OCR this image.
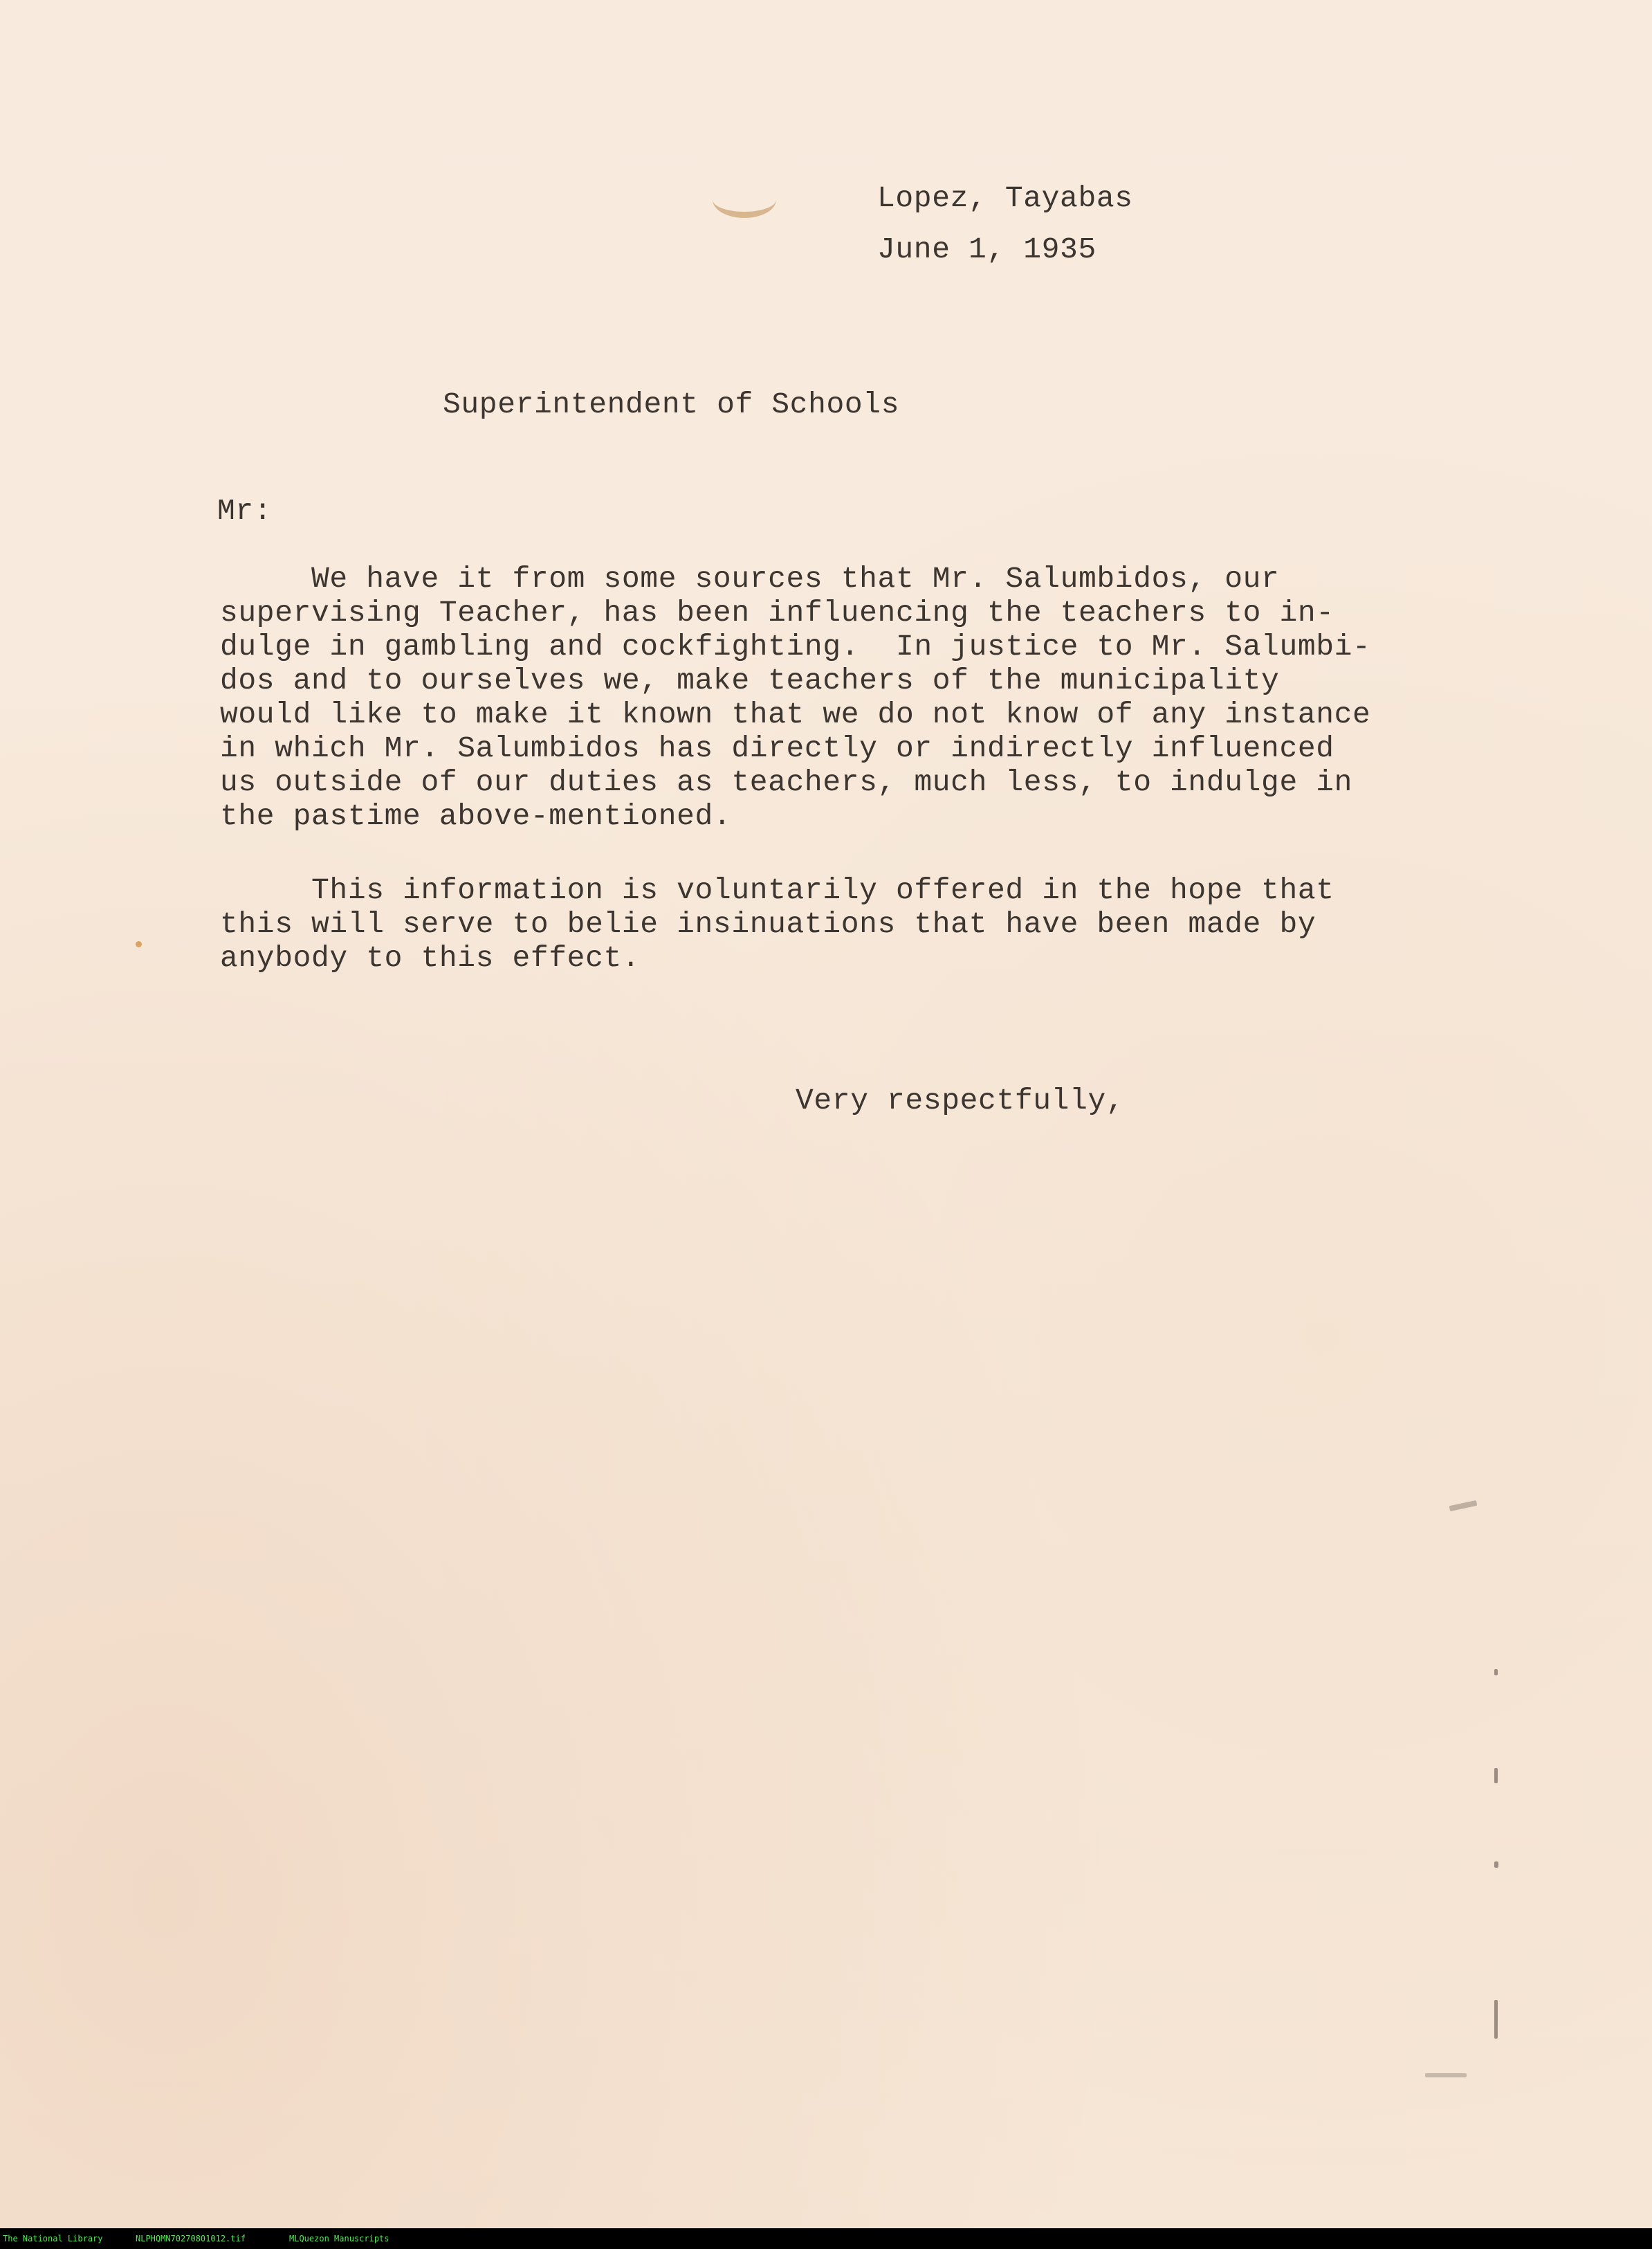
Lopez, Tayabas

June 1, 1935

Superintendent of Schools

Mr:

We have it from some sources that Mr. Salumbidos, our
supervising Teacher, has been influencing the teachers to in-
dulge in gambling and cockfighting.  In justice to Mr. Salumbi-
dos and to ourselves we, make teachers of the municipality
would like to make it known that we do not know of any instance
in which Mr. Salumbidos has directly or indirectly influenced
us outside of our duties as teachers, much less, to indulge in
the pastime above-mentioned.

This information is voluntarily offered in the hope that
this will serve to belie insinuations that have been made by
anybody to this effect.

Very respectfully,

The National Library	NLPHQMN70270801012.tif	MLQuezon Manuscripts
